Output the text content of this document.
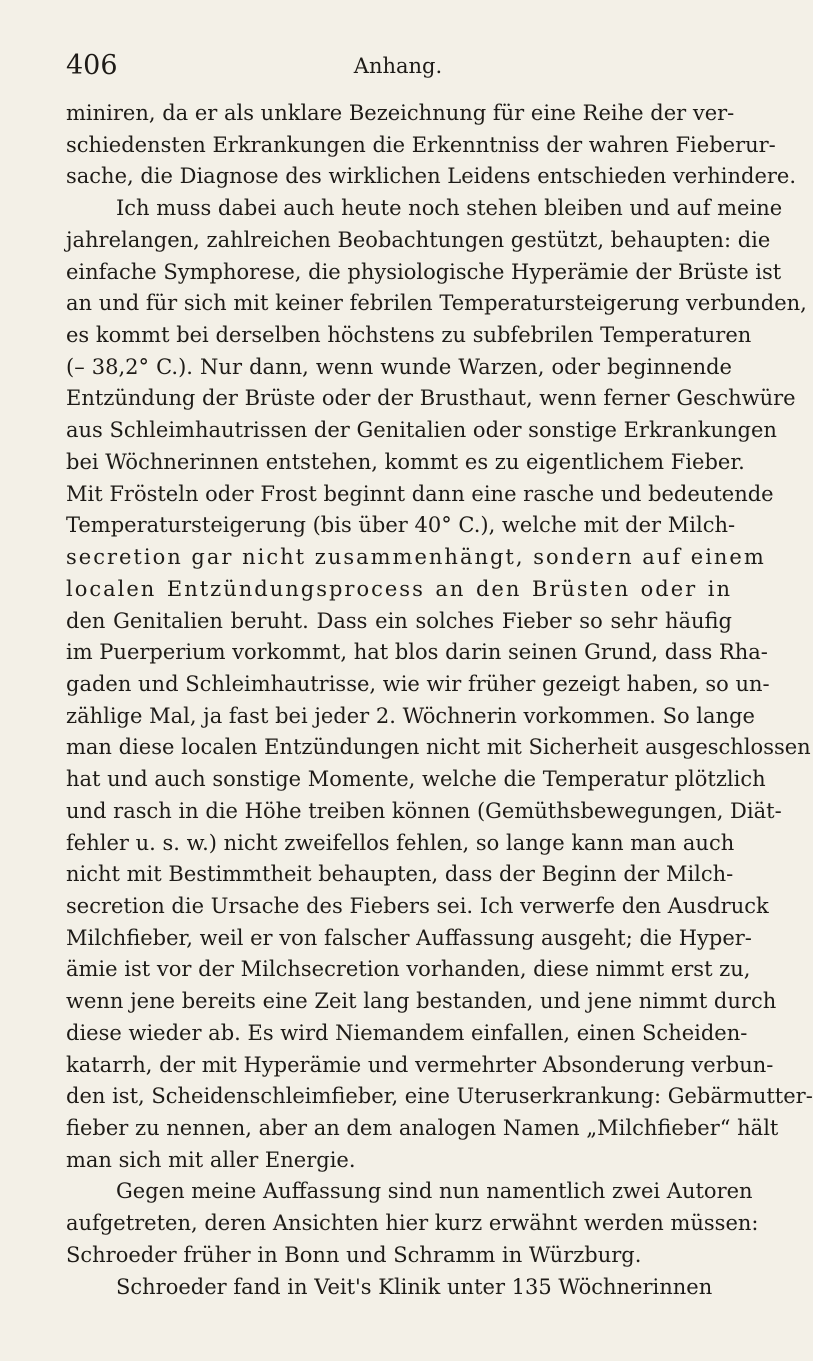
406	Anhang.
miniren, da er als unklare Bezeichnung für eine Reihe der ver-
schiedensten Erkrankungen die Erkenntniss der wahren Fieberur-
sache, die Diagnose des wirklichen Leidens entschieden verhindere.
Ich muss dabei auch heute noch stehen bleiben und auf meine
jahrelangen, zahlreichen Beobachtungen gestützt, behaupten: die
einfache Symphorese, die physiologische Hyperämie der Brüste ist
an und für sich mit keiner febrilen Temperatursteigerung verbunden,
es kommt bei derselben höchstens zu subfebrilen Temperaturen
(– 38,2° C.). Nur dann, wenn wunde Warzen, oder beginnende
Entzündung der Brüste oder der Brusthaut, wenn ferner Geschwüre
aus Schleimhautrissen der Genitalien oder sonstige Erkrankungen
bei Wöchnerinnen entstehen, kommt es zu eigentlichem Fieber.
Mit Frösteln oder Frost beginnt dann eine rasche und bedeutende
Temperatursteigerung (bis über 40° C.), welche mit der Milch-
secretion gar nicht zusammenhängt, sondern auf einem
localen Entzündungsprocess an den Brüsten oder in
den Genitalien beruht. Dass ein solches Fieber so sehr häufig
im Puerperium vorkommt, hat blos darin seinen Grund, dass Rha-
gaden und Schleimhautrisse, wie wir früher gezeigt haben, so un-
zählige Mal, ja fast bei jeder 2. Wöchnerin vorkommen. So lange
man diese localen Entzündungen nicht mit Sicherheit ausgeschlossen
hat und auch sonstige Momente, welche die Temperatur plötzlich
und rasch in die Höhe treiben können (Gemüthsbewegungen, Diät-
fehler u. s. w.) nicht zweifellos fehlen, so lange kann man auch
nicht mit Bestimmtheit behaupten, dass der Beginn der Milch-
secretion die Ursache des Fiebers sei. Ich verwerfe den Ausdruck
Milchfieber, weil er von falscher Auffassung ausgeht; die Hyper-
ämie ist vor der Milchsecretion vorhanden, diese nimmt erst zu,
wenn jene bereits eine Zeit lang bestanden, und jene nimmt durch
diese wieder ab. Es wird Niemandem einfallen, einen Scheiden-
katarrh, der mit Hyperämie und vermehrter Absonderung verbun-
den ist, Scheidenschleimfieber, eine Uteruserkrankung: Gebärmutter-
fieber zu nennen, aber an dem analogen Namen „Milchfieber“ hält
man sich mit aller Energie.
Gegen meine Auffassung sind nun namentlich zwei Autoren
aufgetreten, deren Ansichten hier kurz erwähnt werden müssen:
Schroeder früher in Bonn und Schramm in Würzburg.
Schroeder fand in Veit's Klinik unter 135 Wöchnerinnen
